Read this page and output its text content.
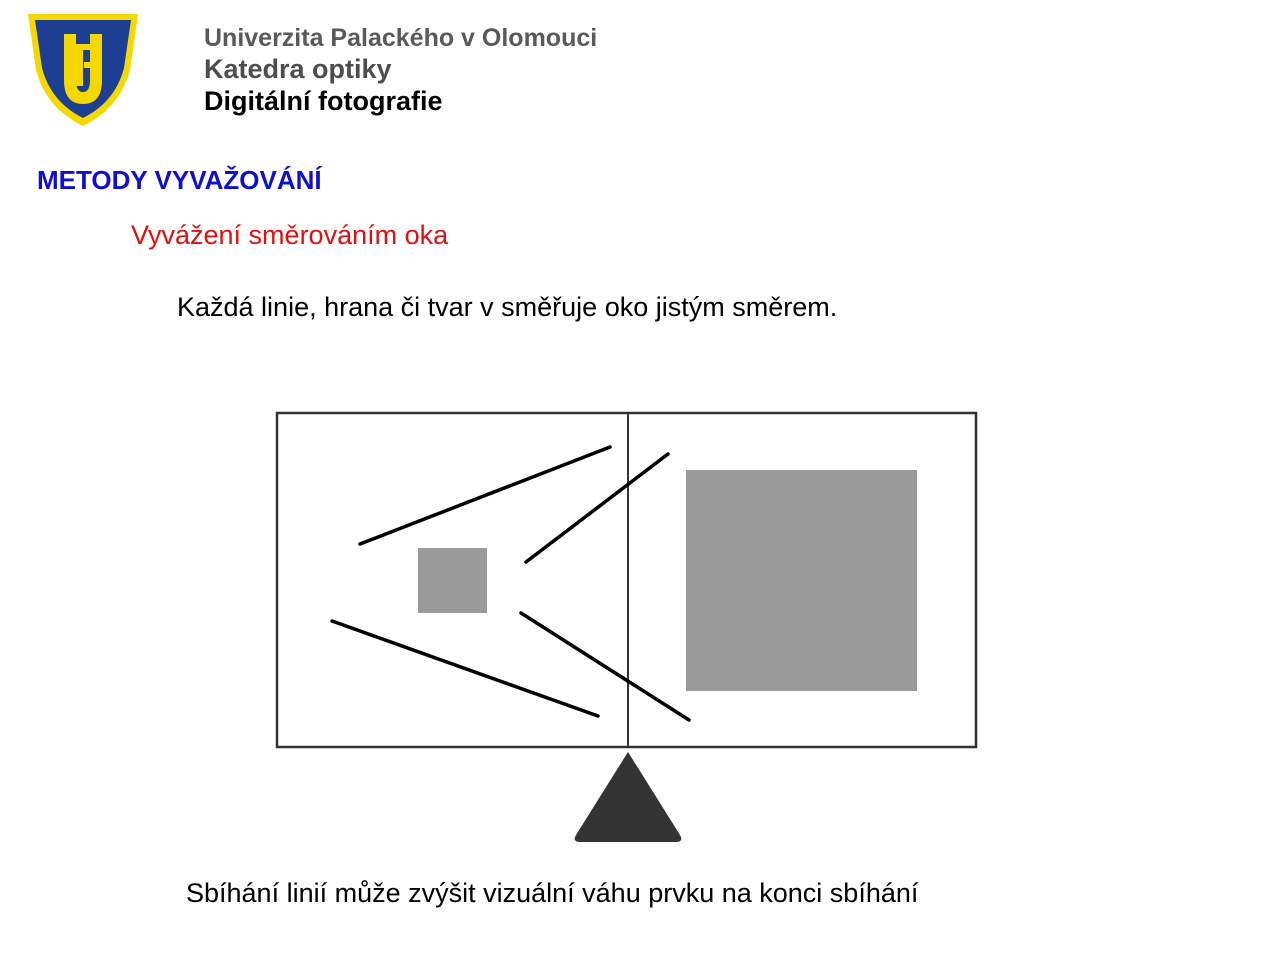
Univerzita Palackého v Olomouci

Katedra optiky

Digitální fotografie

METODY VYVAŽOVÁNÍ

Vyvážení směrováním oka

Každá linie, hrana či tvar v směřuje oko jistým směrem.

Sbíhání linií může zvýšit vizuální váhu prvku na konci sbíhání
